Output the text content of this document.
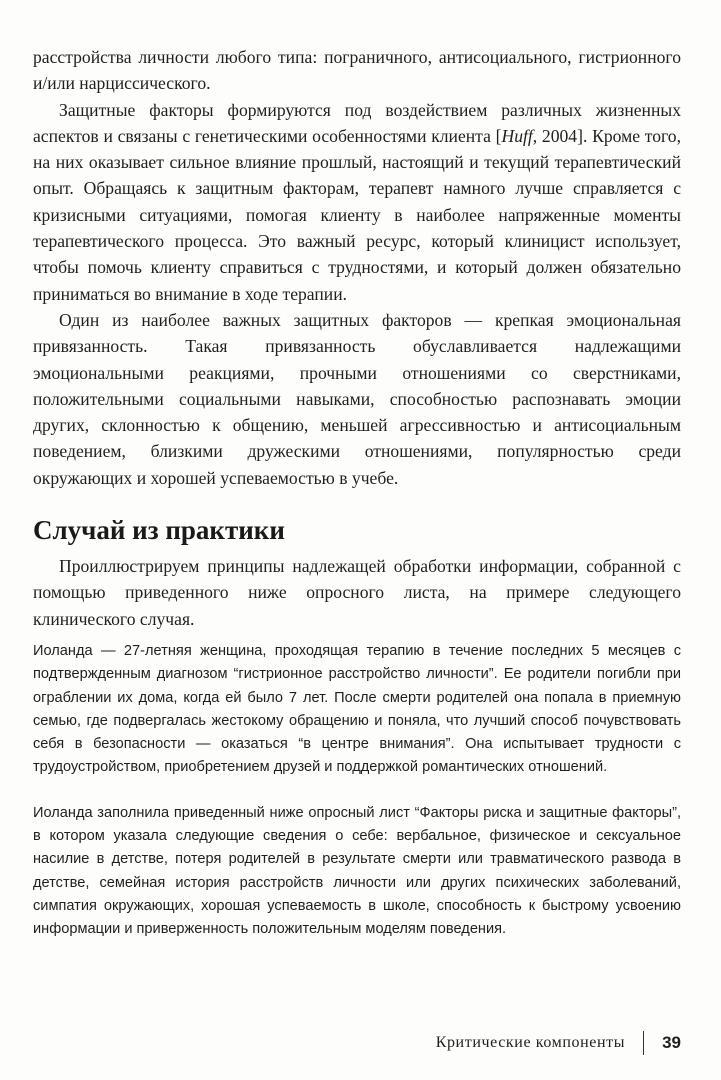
расстройства личности любого типа: пограничного, антисоциального, гистрионного и/или нарциссического.

Защитные факторы формируются под воздействием различных жизненных аспектов и связаны с генетическими особенностями клиента [Huff, 2004]. Кроме того, на них оказывает сильное влияние прошлый, настоящий и текущий терапевтический опыт. Обращаясь к защитным факторам, терапевт намного лучше справляется с кризисными ситуациями, помогая клиенту в наиболее напряженные моменты терапевтического процесса. Это важный ресурс, который клиницист использует, чтобы помочь клиенту справиться с трудностями, и который должен обязательно приниматься во внимание в ходе терапии.

Один из наиболее важных защитных факторов — крепкая эмоциональная привязанность. Такая привязанность обуславливается надлежащими эмоциональными реакциями, прочными отношениями со сверстниками, положительными социальными навыками, способностью распознавать эмоции других, склонностью к общению, меньшей агрессивностью и антисоциальным поведением, близкими дружескими отношениями, популярностью среди окружающих и хорошей успеваемостью в учебе.

Случай из практики

Проиллюстрируем принципы надлежащей обработки информации, собранной с помощью приведенного ниже опросного листа, на примере следующего клинического случая.

Иоланда — 27-летняя женщина, проходящая терапию в течение последних 5 месяцев с подтвержденным диагнозом “гистрионное расстройство личности”. Ее родители погибли при ограблении их дома, когда ей было 7 лет. После смерти родителей она попала в приемную семью, где подвергалась жестокому обращению и поняла, что лучший способ почувствовать себя в безопасности — оказаться “в центре внимания”. Она испытывает трудности с трудоустройством, приобретением друзей и поддержкой романтических отношений.

Иоланда заполнила приведенный ниже опросный лист “Факторы риска и защитные факторы”, в котором указала следующие сведения о себе: вербальное, физическое и сексуальное насилие в детстве, потеря родителей в результате смерти или травматического развода в детстве, семейная история расстройств личности или других психических заболеваний, симпатия окружающих, хорошая успеваемость в школе, способность к быстрому усвоению информации и приверженность положительным моделям поведения.

Критические компоненты 39
